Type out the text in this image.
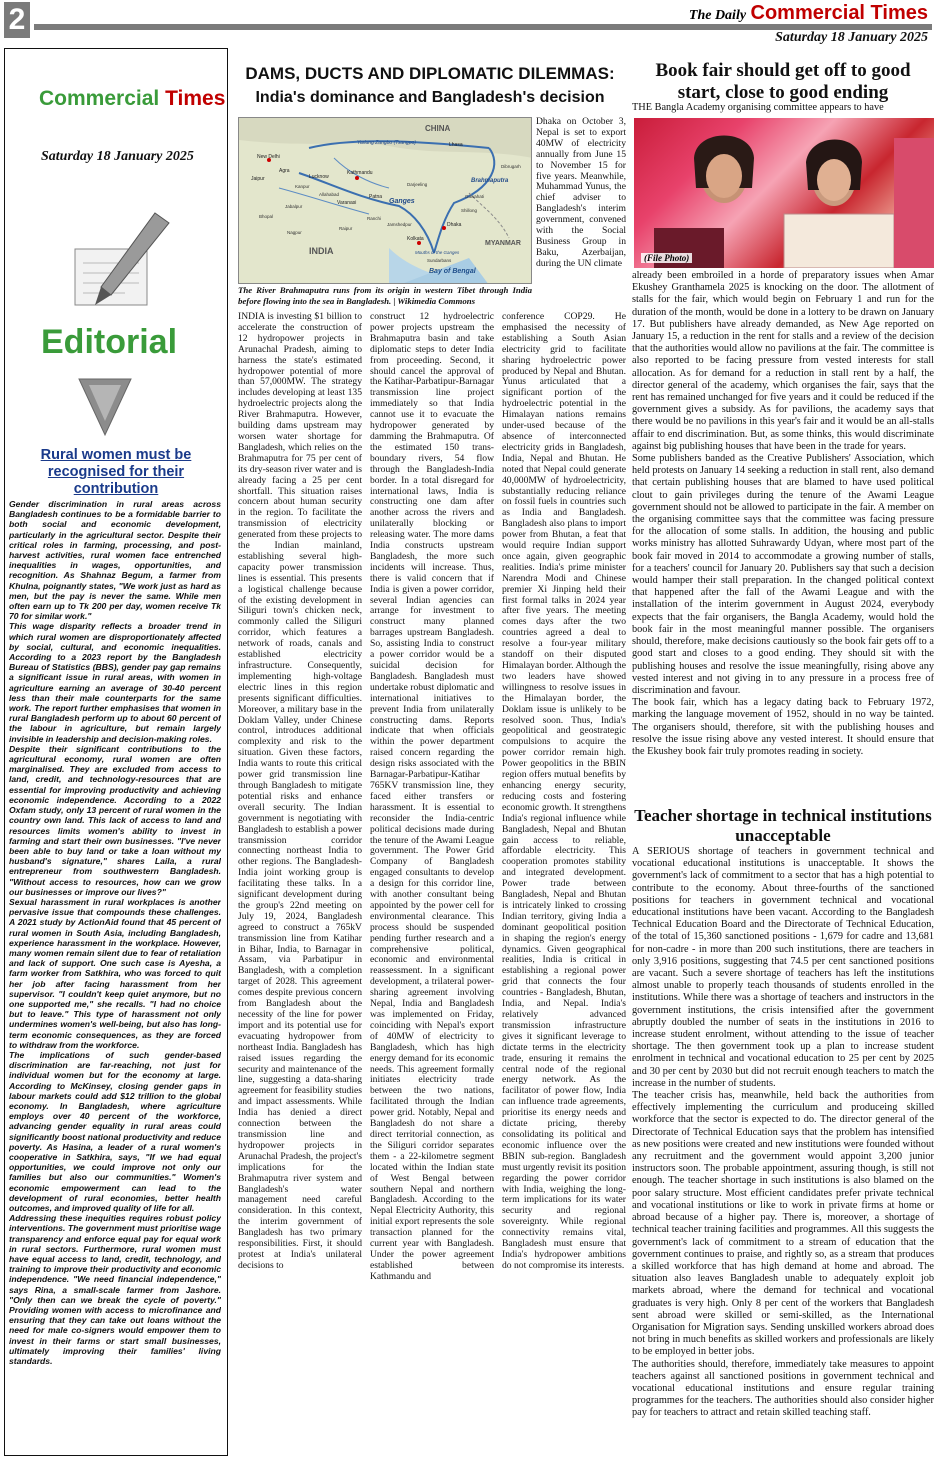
2	The Daily Commercial Times
Saturday 18 January 2025
Commercial Times
Saturday 18 January 2025
Editorial
Rural women must be recognised for their contribution

Gender discrimination in rural areas across Bangladesh continues to be a formidable barrier to both social and economic development, particularly in the agricultural sector. Despite their critical roles in farming, processing, and post-harvest activities, rural women face entrenched inequalities in wages, opportunities, and recognition. As Shahnaz Begum, a farmer from Khulna, poignantly states, "We work just as hard as men, but the pay is never the same. While men often earn up to Tk 200 per day, women receive Tk 70 for similar work."

This wage disparity reflects a broader trend in which rural women are disproportionately affected by social, cultural, and economic inequalities. According to a 2023 report by the Bangladesh Bureau of Statistics (BBS), gender pay gap remains a significant issue in rural areas, with women in agriculture earning an average of 30-40 percent less than their male counterparts for the same work. The report further emphasises that women in rural Bangladesh perform up to about 60 percent of the labour in agriculture, but remain largely invisible in leadership and decision-making roles.

Despite their significant contributions to the agricultural economy, rural women are often marginalised. They are excluded from access to land, credit, and technology-resources that are essential for improving productivity and achieving economic independence. According to a 2022 Oxfam study, only 13 percent of rural women in the country own land. This lack of access to land and resources limits women's ability to invest in farming and start their own businesses. "I've never been able to buy land or take a loan without my husband's signature," shares Laila, a rural entrepreneur from southwestern Bangladesh. "Without access to resources, how can we grow our businesses or improve our lives?"

Sexual harassment in rural workplaces is another pervasive issue that compounds these challenges. A 2021 study by ActionAid found that 45 percent of rural women in South Asia, including Bangladesh, experience harassment in the workplace. However, many women remain silent due to fear of retaliation and lack of support. One such case is Ayesha, a farm worker from Satkhira, who was forced to quit her job after facing harassment from her supervisor. "I couldn't keep quiet anymore, but no one supported me," she recalls. "I had no choice but to leave." This type of harassment not only undermines women's well-being, but also has long-term economic consequences, as they are forced to withdraw from the workforce.

The implications of such gender-based discrimination are far-reaching, not just for individual women but for the economy at large. According to McKinsey, closing gender gaps in labour markets could add $12 trillion to the global economy. In Bangladesh, where agriculture employs over 40 percent of the workforce, advancing gender equality in rural areas could significantly boost national productivity and reduce poverty. As Hasina, a leader of a rural women's cooperative in Satkhira, says, "If we had equal opportunities, we could improve not only our families but also our communities." Women's economic empowerment can lead to the development of rural economies, better health outcomes, and improved quality of life for all.

Addressing these inequities requires robust policy interventions. The government must prioritise wage transparency and enforce equal pay for equal work in rural sectors. Furthermore, rural women must have equal access to land, credit, technology, and training to improve their productivity and economic independence. "We need financial independence," says Rina, a small-scale farmer from Jashore. "Only then can we break the cycle of poverty." Providing women with access to microfinance and ensuring that they can take out loans without the need for male co-signers would empower them to invest in their farms or start small businesses, ultimately improving their families' living standards.

DAMS, DUCTS AND DIPLOMATIC DILEMMAS:
India's dominance and Bangladesh's decision
CHINA
Yarlung Zangbo (Tsangpo)	Lhasa
New Delhi
Kathmandu
Jaipur
Agra
Lucknow
Patna
Varanasi	Ganges
Brahmaputra
Dhaka
Kolkata
INDIA
MYANMAR
Mouths of the Ganges
Bay of Bengal
Bhopal
Nagpur
Jabalpur
Allahabad
Kanpur
Raipur
Shillong
Darjeeling
Guwahati
Jamshedpur
Ranchi
Dibrugarh
Sundarbans
The River Brahmaputra runs from its origin in western Tibet through India before flowing into the sea in Bangladesh. | Wikimedia Commons

Dhaka on October 3, Nepal is set to export 40MW of electricity annually from June 15 to November 15 for five years. Meanwhile, Muhammad Yunus, the chief adviser to Bangladesh's interim government, convened with the Social Business Group in Baku, Azerbaijan, during the UN climate

INDIA is investing $1 billion to accelerate the construction of 12 hydropower projects in Arunachal Pradesh, aiming to harness the state's estimated hydropower potential of more than 57,000MW. The strategy includes developing at least 135 hydroelectric projects along the River Brahmaputra. However, building dams upstream may worsen water shortage for Bangladesh, which relies on the Brahmaputra for 75 per cent of its dry-season river water and is already facing a 25 per cent shortfall. This situation raises concern about human security in the region. To facilitate the transmission of electricity generated from these projects to the Indian mainland, establishing several high-capacity power transmission lines is essential. This presents a logistical challenge because of the existing development in Siliguri town's chicken neck, commonly called the Siliguri corridor, which features a network of roads, canals and established electricity infrastructure. Consequently, implementing high-voltage electric lines in this region presents significant difficulties. Moreover, a military base in the Doklam Valley, under Chinese control, introduces additional complexity and risk to the situation. Given these factors, India wants to route this critical power grid transmission line through Bangladesh to mitigate potential risks and enhance overall security. The Indian government is negotiating with Bangladesh to establish a power transmission corridor connecting northeast India to other regions. The Bangladesh-India joint working group is facilitating these talks. In a significant development during the group's 22nd meeting on July 19, 2024, Bangladesh agreed to construct a 765kV transmission line from Katihar in Bihar, India, to Barnagar in Assam, via Parbatipur in Bangladesh, with a completion target of 2028. This agreement comes despite previous concern from Bangladesh about the necessity of the line for power import and its potential use for evacuating hydropower from northeast India. Bangladesh has raised issues regarding the security and maintenance of the line, suggesting a data-sharing agreement for feasibility studies and impact assessments. While India has denied a direct connection between the transmission line and hydropower projects in Arunachal Pradesh, the project's implications for the Brahmaputra river system and Bangladesh's water management need careful consideration. In this context, the interim government of Bangladesh has two primary responsibilities. First, it should protest at India's unilateral decisions to

construct 12 hydroelectric power projects upstream the Brahmaputra basin and take diplomatic steps to deter India from proceeding. Second, it should cancel the approval of the Katihar-Parbatipur-Barnagar transmission line project immediately so that India cannot use it to evacuate the hydropower generated by damming the Brahmaputra. Of the estimated 150 trans-boundary rivers, 54 flow through the Bangladesh-India border. In a total disregard for international laws, India is constructing one dam after another across the rivers and unilaterally blocking or releasing water. The more dams India constructs upstream Bangladesh, the more such incidents will increase. Thus, there is valid concern that if India is given a power corridor, several Indian agencies can arrange for investment to construct many planned barrages upstream Bangladesh. So, assisting India to construct a power corridor would be a suicidal decision for Bangladesh. Bangladesh must undertake robust diplomatic and international initiatives to prevent India from unilaterally constructing dams. Reports indicate that when officials within the power department raised concern regarding the design risks associated with the Barnagar-Parbatipur-Katihar 765KV transmission line, they faced either transfers or harassment. It is essential to reconsider the India-centric political decisions made during the tenure of the Awami League government. The Power Grid Company of Bangladesh engaged consultants to develop a design for this corridor line, with another consultant being appointed by the power cell for environmental clearance. This process should be suspended pending further research and a comprehensive political, economic and environmental reassessment. In a significant development, a trilateral power-sharing agreement involving Nepal, India and Bangladesh was implemented on Friday, coinciding with Nepal's export of 40MW of electricity to Bangladesh, which has high energy demand for its economic needs. This agreement formally initiates electricity trade between the two nations, facilitated through the Indian power grid. Notably, Nepal and Bangladesh do not share a direct territorial connection, as the Siliguri corridor separates them - a 22-kilometre segment located within the Indian state of West Bengal between southern Nepal and northern Bangladesh. According to the Nepal Electricity Authority, this initial export represents the sole transaction planned for the current year with Bangladesh. Under the power agreement established between Kathmandu and

conference COP29. He emphasised the necessity of establishing a South Asian electricity grid to facilitate sharing hydroelectric power produced by Nepal and Bhutan. Yunus articulated that a significant portion of the hydroelectric potential in the Himalayan nations remains under-used because of the absence of interconnected electricity grids in Bangladesh, India, Nepal and Bhutan. He noted that Nepal could generate 40,000MW of hydroelectricity, substantially reducing reliance on fossil fuels in countries such as India and Bangladesh. Bangladesh also plans to import power from Bhutan, a feat that would require Indian support once again, given geographic realities. India's prime minister Narendra Modi and Chinese premier Xi Jinping held their first formal talks in 2024 year after five years. The meeting comes days after the two countries agreed a deal to resolve a four-year military standoff on their disputed Himalayan border. Although the two leaders have showed willingness to resolve issues in the Himalayan border, the Doklam issue is unlikely to be resolved soon. Thus, India's geopolitical and geostrategic compulsions to acquire the power corridor remain high. Power geopolitics in the BBIN region offers mutual benefits by enhancing energy security, reducing costs and fostering economic growth. It strengthens India's regional influence while Bangladesh, Nepal and Bhutan gain access to reliable, affordable electricity. This cooperation promotes stability and integrated development. Power trade between Bangladesh, Nepal and Bhutan is intricately linked to crossing Indian territory, giving India a dominant geopolitical position in shaping the region's energy dynamics. Given geographical realities, India is critical in establishing a regional power grid that connects the four countries - Bangladesh, Bhutan, India, and Nepal. India's relatively advanced transmission infrastructure gives it significant leverage to dictate terms in the electricity trade, ensuring it remains the central node of the regional energy network. As the facilitator of power flow, India can influence trade agreements, prioritise its energy needs and dictate pricing, thereby consolidating its political and economic influence over the BBIN sub-region. Bangladesh must urgently revisit its position regarding the power corridor with India, weighing the long-term implications for its water security and regional sovereignty. While regional connectivity remains vital, Bangladesh must ensure that India's hydropower ambitions do not compromise its interests.

Book fair should get off to good start, close to good ending
THE Bangla Academy organising committee appears to have
(File Photo)

already been embroiled in a horde of preparatory issues when Amar Ekushey Granthamela 2025 is knocking on the door. The allotment of stalls for the fair, which would begin on February 1 and run for the duration of the month, would be done in a lottery to be drawn on January 17. But publishers have already demanded, as New Age reported on January 15, a reduction in the rent for stalls and a review of the decision that the authorities would allow no pavilions at the fair. The committee is also reported to be facing pressure from vested interests for stall allocation. As for demand for a reduction in stall rent by a half, the director general of the academy, which organises the fair, says that the rent has remained unchanged for five years and it could be reduced if the government gives a subsidy. As for pavilions, the academy says that there would be no pavilions in this year's fair and it would be an all-stalls affair to end discrimination. But, as some thinks, this would discriminate against big publishing houses that have been in the trade for years.

Some publishers banded as the Creative Publishers' Association, which held protests on January 14 seeking a reduction in stall rent, also demand that certain publishing houses that are blamed to have used political clout to gain privileges during the tenure of the Awami League government should not be allowed to participate in the fair. A member on the organising committee says that the committee was facing pressure for the allocation of some stalls. In addition, the housing and public works ministry has allotted Suhrawardy Udyan, where most part of the book fair moved in 2014 to accommodate a growing number of stalls, for a teachers' council for January 20. Publishers say that such a decision would hamper their stall preparation. In the changed political context that happened after the fall of the Awami League and with the installation of the interim government in August 2024, everybody expects that the fair organisers, the Bangla Academy, would hold the book fair in the most meaningful manner possible. The organisers should, therefore, make decisions cautiously so the book fair gets off to a good start and closes to a good ending. They should sit with the publishing houses and resolve the issue meaningfully, rising above any vested interest and not giving in to any pressure in a process free of discrimination and favour.

The book fair, which has a legacy dating back to February 1972, marking the language movement of 1952, should in no way be tainted. The organisers should, therefore, sit with the publishing houses and resolve the issue rising above any vested interest. It should ensure that the Ekushey book fair truly promotes reading in society.

Teacher shortage in technical institutions unacceptable

A SERIOUS shortage of teachers in government technical and vocational educational institutions is unacceptable. It shows the government's lack of commitment to a sector that has a high potential to contribute to the economy. About three-fourths of the sanctioned positions for teachers in government technical and vocational educational institutions have been vacant. According to the Bangladesh Technical Education Board and the Directorate of Technical Education, of the total of 15,360 sanctioned positions - 1,679 for cadre and 13,681 for non-cadre - in more than 200 such institutions, there are teachers in only 3,916 positions, suggesting that 74.5 per cent sanctioned positions are vacant. Such a severe shortage of teachers has left the institutions almost unable to properly teach thousands of students enrolled in the institutions. While there was a shortage of teachers and instructors in the government institutions, the crisis intensified after the government abruptly doubled the number of seats in the institutions in 2016 to increase student enrolment, without attending to the issue of teacher shortage. The then government took up a plan to increase student enrolment in technical and vocational education to 25 per cent by 2025 and 30 per cent by 2030 but did not recruit enough teachers to match the increase in the number of students.

The teacher crisis has, meanwhile, held back the authorities from effectively implementing the curriculum and produceing skilled workforce that the sector is expected to do. The director general of the Directorate of Technical Education says that the problem has intensified as new positions were created and new institutions were founded without any recruitment and the government would appoint 3,200 junior instructors soon. The probable appointment, assuring though, is still not enough. The teacher shortage in such institutions is also blamed on the poor salary structure. Most efficient candidates prefer private technical and vocational institutions or like to work in private firms at home or abroad because of a higher pay. There is, moreover, a shortage of technical teacher training facilities and programmes. All this suggests the government's lack of commitment to a stream of education that the government continues to praise, and rightly so, as a stream that produces a skilled workforce that has high demand at home and abroad. The situation also leaves Bangladesh unable to adequately exploit job markets abroad, where the demand for technical and vocational graduates is very high. Only 8 per cent of the workers that Bangladesh sent abroad were skilled or semi-skilled, as the International Organisation for Migration says. Sending unskilled workers abroad does not bring in much benefits as skilled workers and professionals are likely to be employed in better jobs.

The authorities should, therefore, immediately take measures to appoint teachers against all sanctioned positions in government technical and vocational educational institutions and ensure regular training programmes for the teachers. The authorities should also consider higher pay for teachers to attract and retain skilled teaching staff.
